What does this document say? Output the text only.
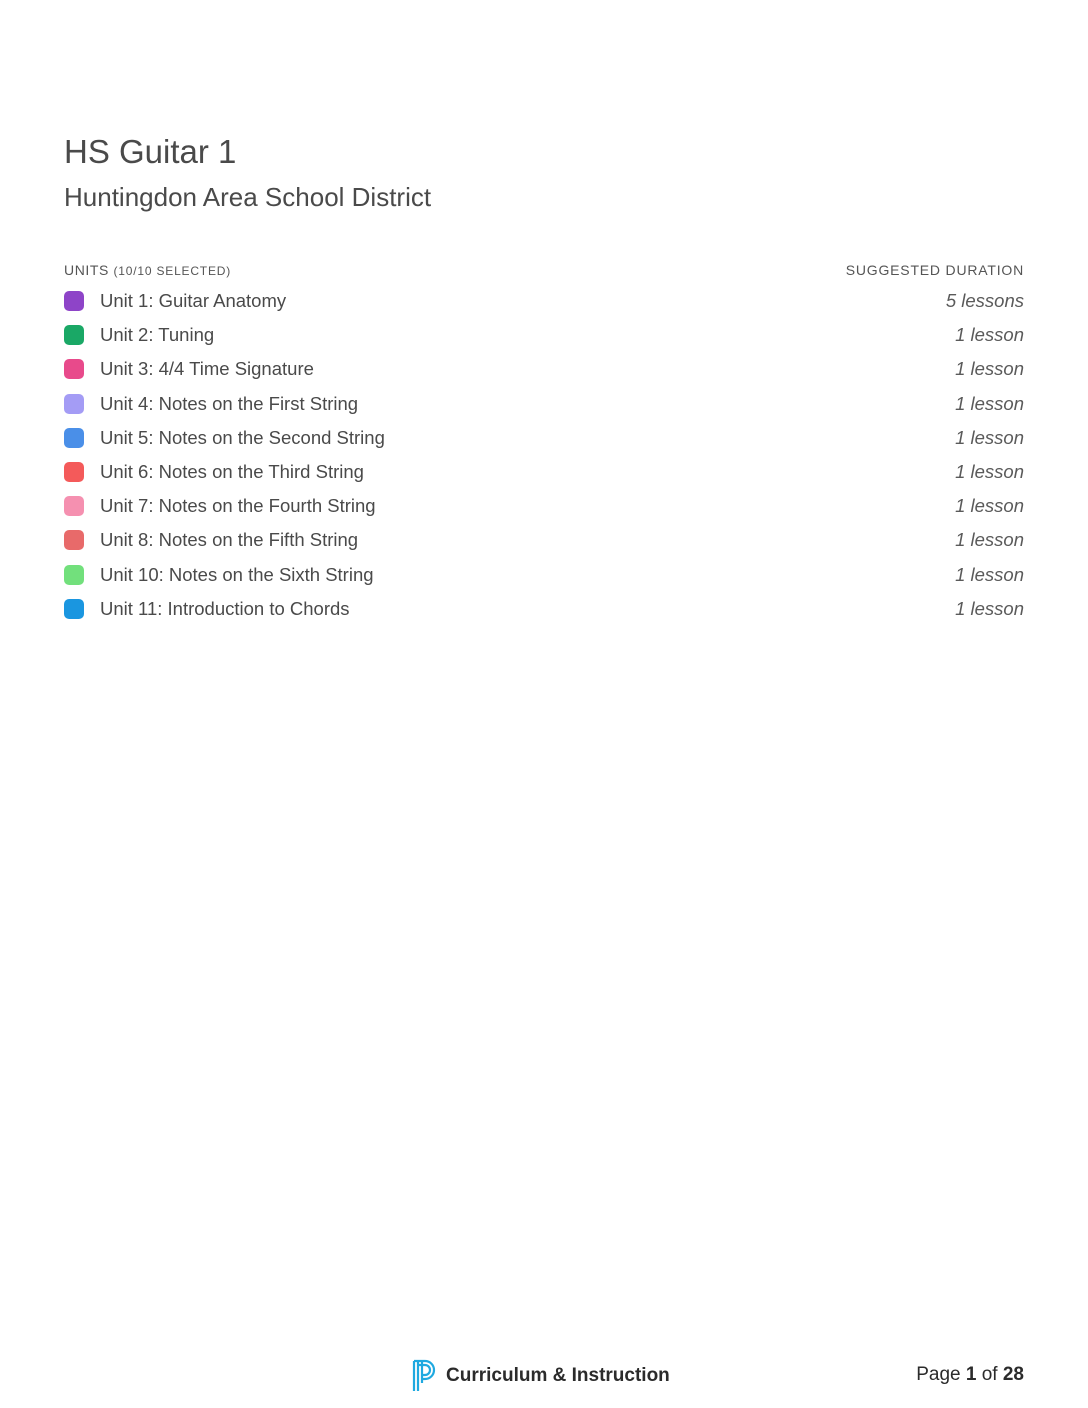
HS Guitar 1
Huntingdon Area School District
UNITS (10/10 SELECTED)	SUGGESTED DURATION
Unit 1: Guitar Anatomy	5 lessons
Unit 2: Tuning	1 lesson
Unit 3: 4/4 Time Signature	1 lesson
Unit 4: Notes on the First String	1 lesson
Unit 5: Notes on the Second String	1 lesson
Unit 6: Notes on the Third String	1 lesson
Unit 7: Notes on the Fourth String	1 lesson
Unit 8: Notes on the Fifth String	1 lesson
Unit 10: Notes on the Sixth String	1 lesson
Unit 11: Introduction to Chords	1 lesson
Curriculum & Instruction	Page 1 of 28
